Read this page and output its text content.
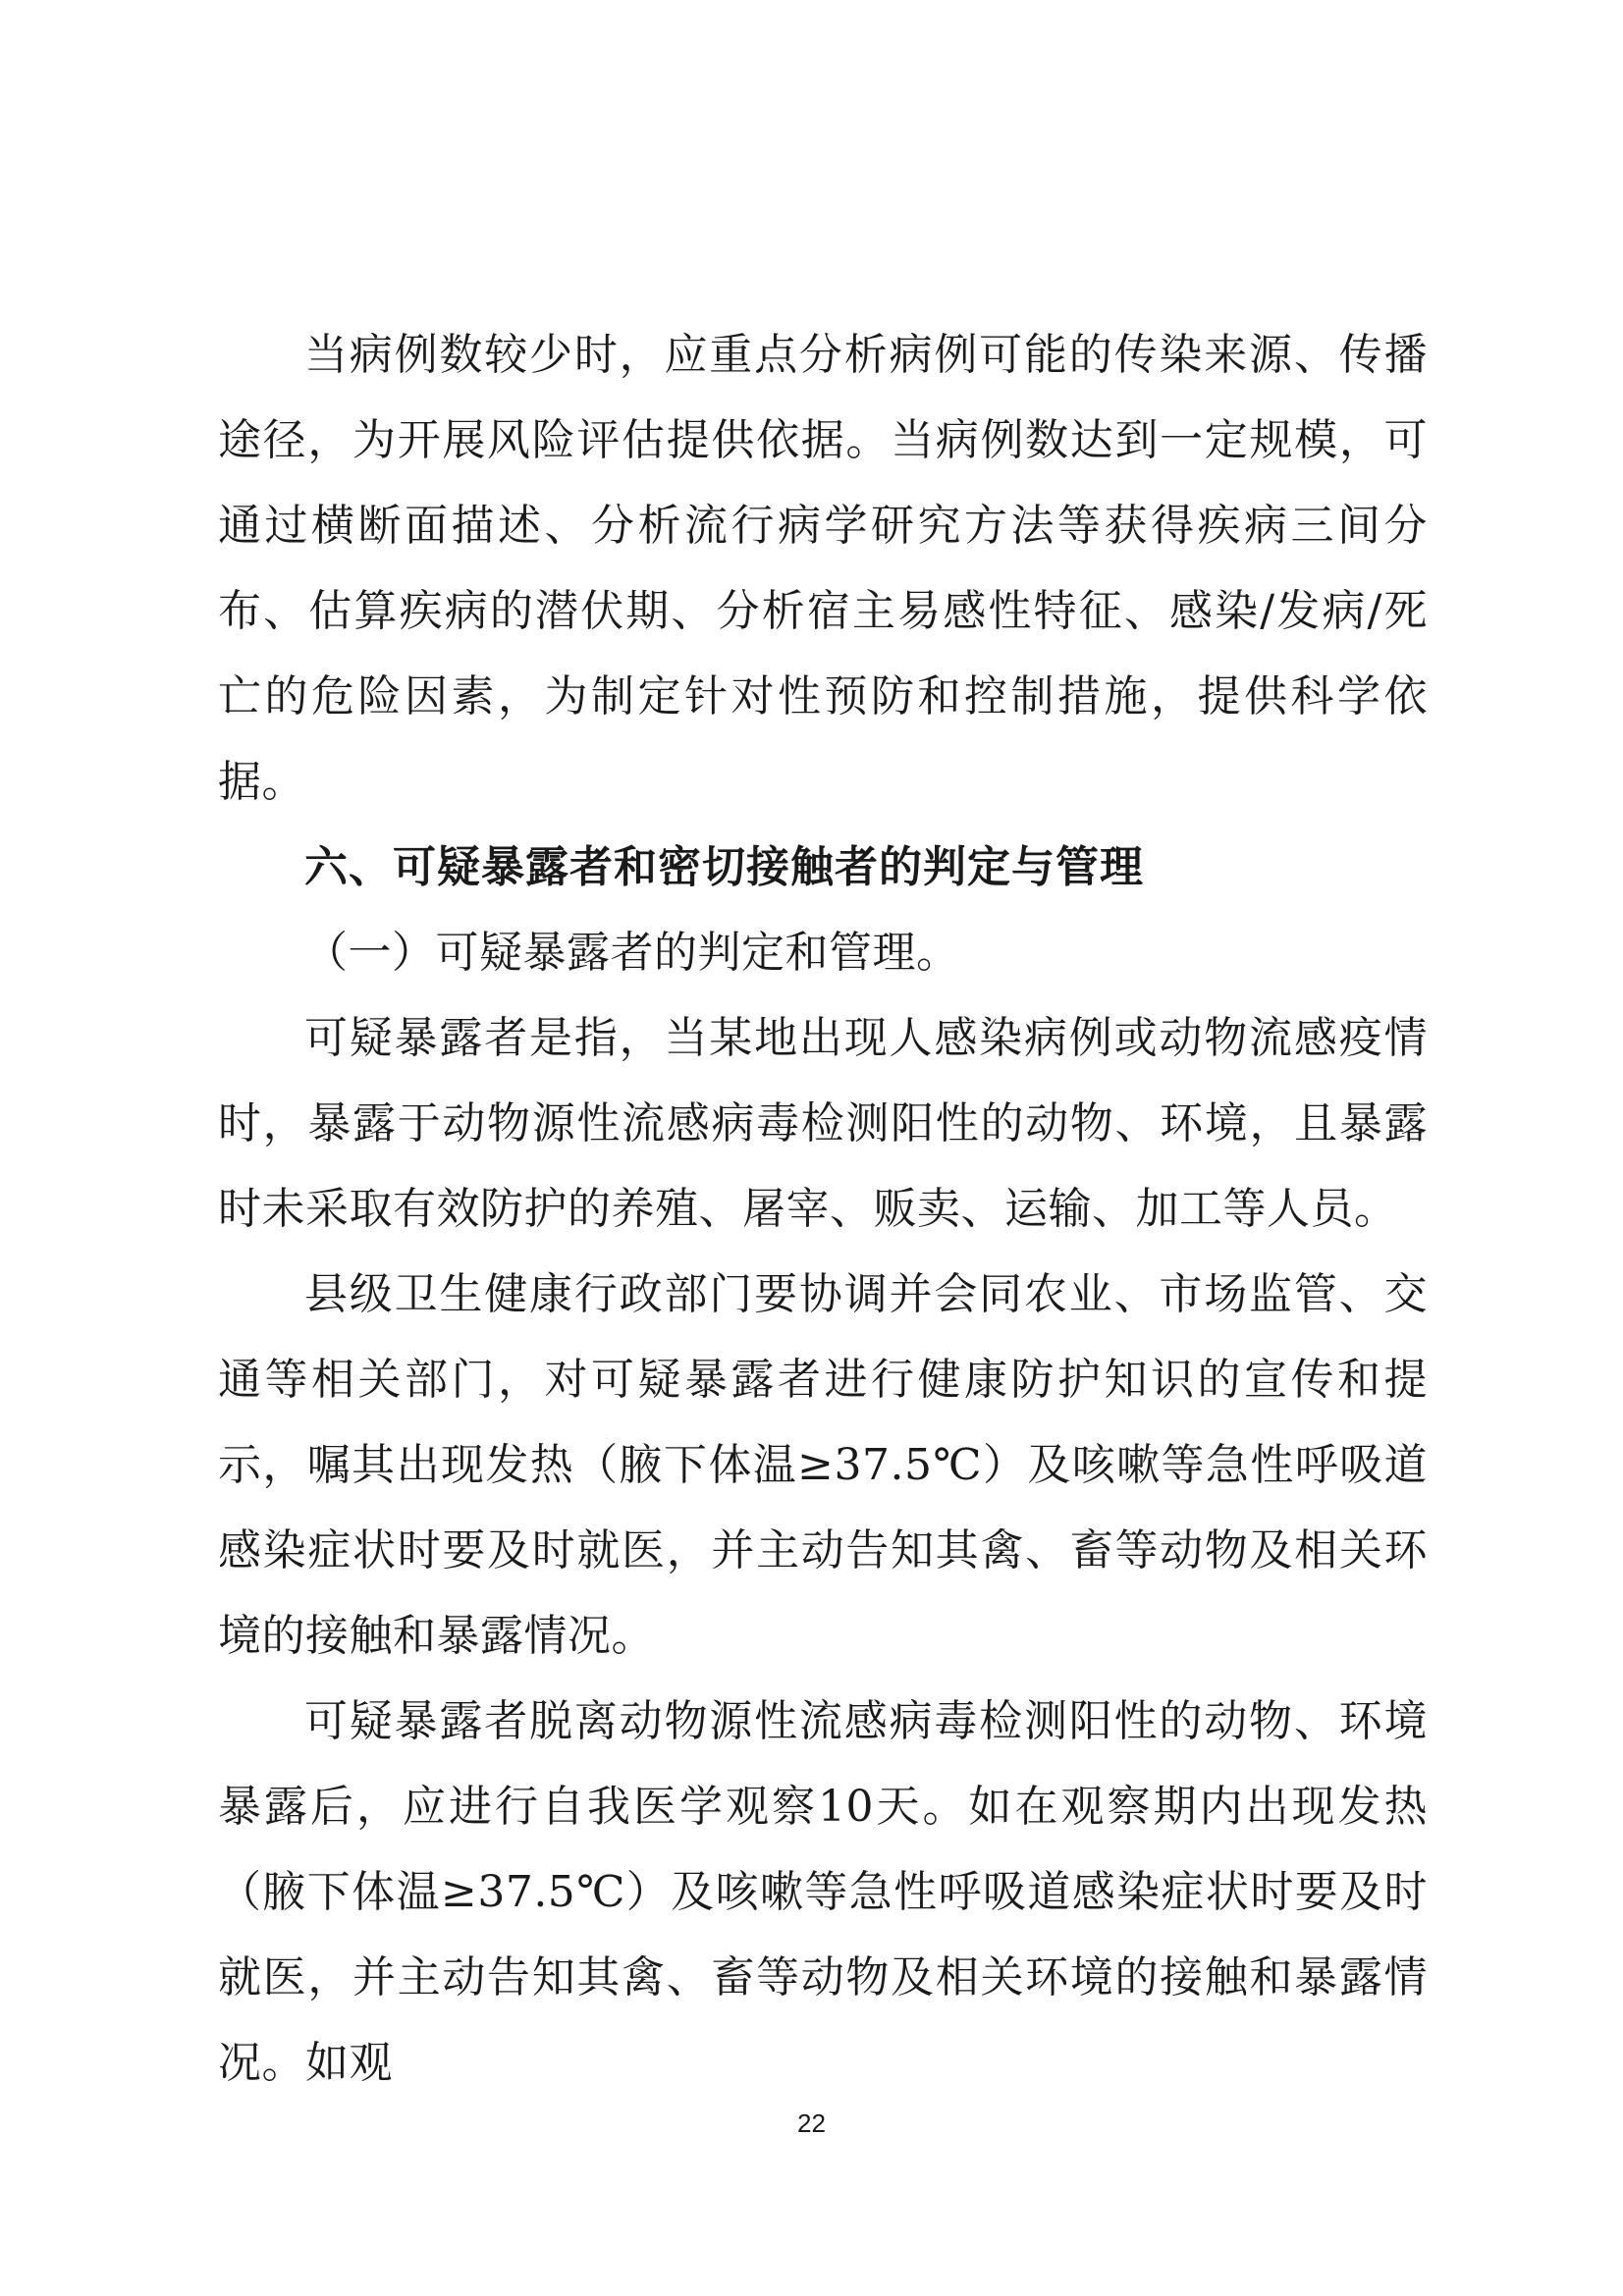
当病例数较少时，应重点分析病例可能的传染来源、传播途径，为开展风险评估提供依据。当病例数达到一定规模，可通过横断面描述、分析流行病学研究方法等获得疾病三间分布、估算疾病的潜伏期、分析宿主易感性特征、感染/发病/死亡的危险因素，为制定针对性预防和控制措施，提供科学依据。

六、可疑暴露者和密切接触者的判定与管理

（一）可疑暴露者的判定和管理。

可疑暴露者是指，当某地出现人感染病例或动物流感疫情时，暴露于动物源性流感病毒检测阳性的动物、环境，且暴露时未采取有效防护的养殖、屠宰、贩卖、运输、加工等人员。

县级卫生健康行政部门要协调并会同农业、市场监管、交通等相关部门，对可疑暴露者进行健康防护知识的宣传和提示，嘱其出现发热（腋下体温≥37.5℃）及咳嗽等急性呼吸道感染症状时要及时就医，并主动告知其禽、畜等动物及相关环境的接触和暴露情况。

可疑暴露者脱离动物源性流感病毒检测阳性的动物、环境暴露后，应进行自我医学观察10天。如在观察期内出现发热（腋下体温≥37.5℃）及咳嗽等急性呼吸道感染症状时要及时就医，并主动告知其禽、畜等动物及相关环境的接触和暴露情况。如观

22
